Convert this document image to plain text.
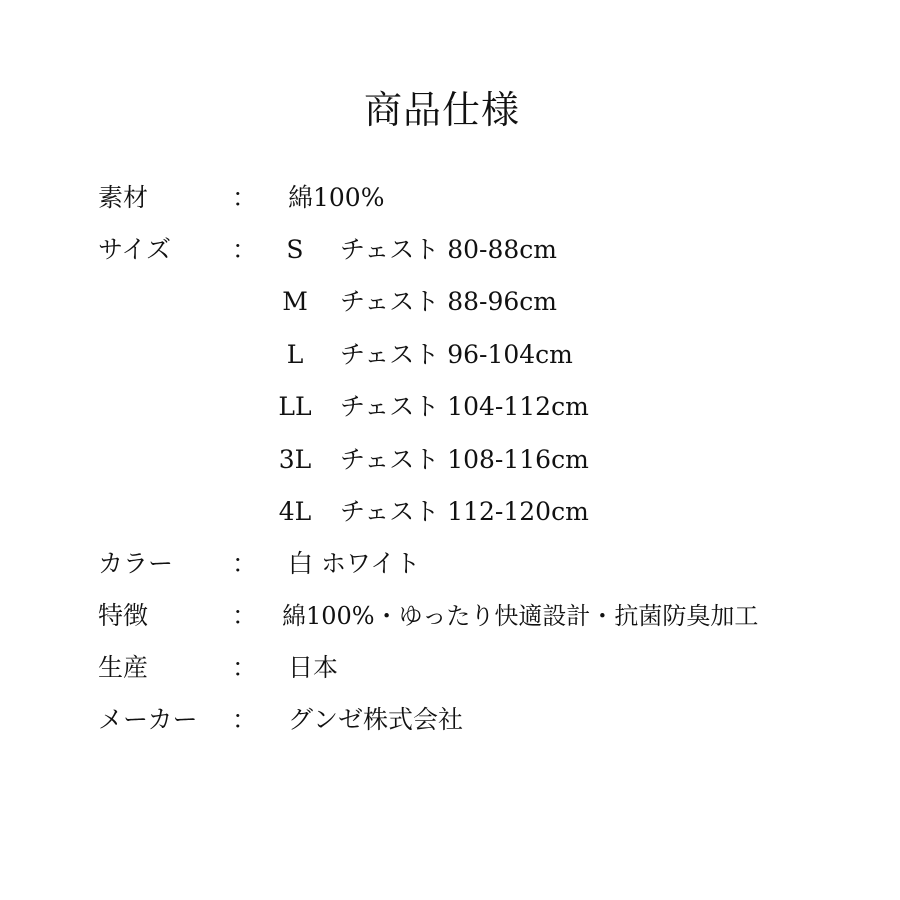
商品仕様
素材	： 綿100%
サイズ ：	S	チェスト 80-88cm
M	チェスト 88-96cm
L	チェスト 96-104cm
LL	チェスト 104-112cm
3L	チェスト 108-116cm
4L	チェスト 112-120cm
カラー ： 白 ホワイト
特徴	： 綿100%・ゆったり快適設計・抗菌防臭加工
生産	： 日本
メーカー ： グンゼ株式会社
